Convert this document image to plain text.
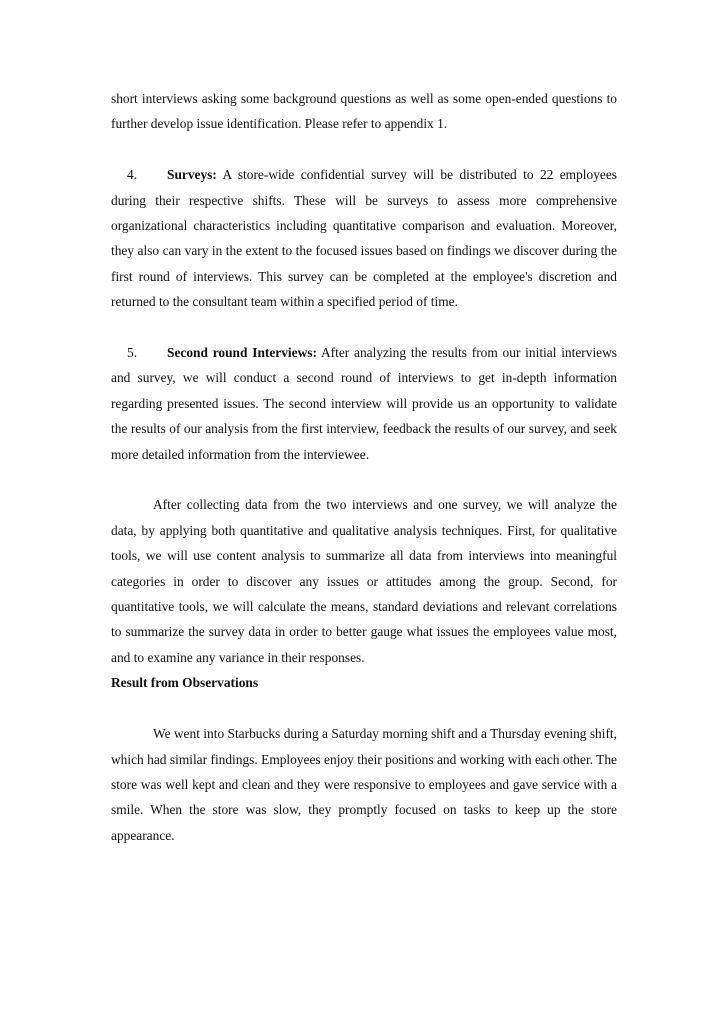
short interviews asking some background questions as well as some open-ended questions to further develop issue identification. Please refer to appendix 1.

4. Surveys: A store-wide confidential survey will be distributed to 22 employees during their respective shifts. These will be surveys to assess more comprehensive organizational characteristics including quantitative comparison and evaluation. Moreover, they also can vary in the extent to the focused issues based on findings we discover during the first round of interviews. This survey can be completed at the employee's discretion and returned to the consultant team within a specified period of time.

5. Second round Interviews: After analyzing the results from our initial interviews and survey, we will conduct a second round of interviews to get in-depth information regarding presented issues. The second interview will provide us an opportunity to validate the results of our analysis from the first interview, feedback the results of our survey, and seek more detailed information from the interviewee.

After collecting data from the two interviews and one survey, we will analyze the data, by applying both quantitative and qualitative analysis techniques. First, for qualitative tools, we will use content analysis to summarize all data from interviews into meaningful categories in order to discover any issues or attitudes among the group. Second, for quantitative tools, we will calculate the means, standard deviations and relevant correlations to summarize the survey data in order to better gauge what issues the employees value most, and to examine any variance in their responses.

Result from Observations

We went into Starbucks during a Saturday morning shift and a Thursday evening shift, which had similar findings. Employees enjoy their positions and working with each other. The store was well kept and clean and they were responsive to employees and gave service with a smile. When the store was slow, they promptly focused on tasks to keep up the store appearance.
